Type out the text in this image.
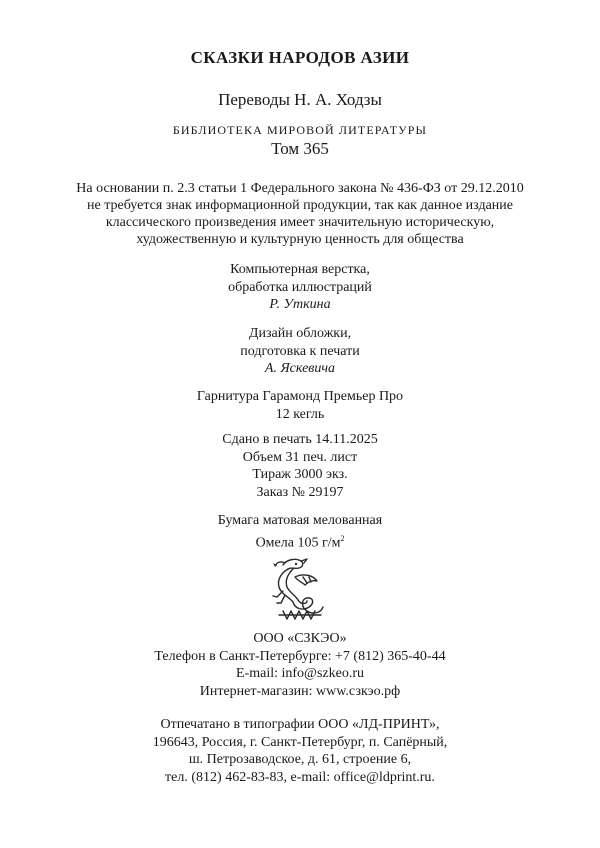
СКАЗКИ НАРОДОВ АЗИИ
Переводы Н. А. Ходзы
БИБЛИОТЕКА МИРОВОЙ ЛИТЕРАТУРЫ
Том 365
На основании п. 2.3 статьи 1 Федерального закона № 436-ФЗ от 29.12.2010
не требуется знак информационной продукции, так как данное издание
классического произведения имеет значительную историческую,
художественную и культурную ценность для общества
Компьютерная верстка,
обработка иллюстраций
Р. Уткина
Дизайн обложки,
подготовка к печати
А. Яскевича
Гарнитура Гарамонд Премьер Про
12 кегль
Сдано в печать 14.11.2025
Объем 31 печ. лист
Тираж 3000 экз.
Заказ № 29197
Бумага матовая мелованная
Омела 105 $г/м^2$
ООО «СЗКЭО»
Телефон в Санкт-Петербурге: +7 (812) 365-40-44
E-mail: info@szkeo.ru
Интернет-магазин: www.сзкэо.рф
Отпечатано в типографии ООО «ЛД-ПРИНТ»,
196643, Россия, г. Санкт-Петербург, п. Сапёрный,
ш. Петрозаводское, д. 61, строение 6,
тел. (812) 462-83-83, e-mail: office@ldprint.ru.
